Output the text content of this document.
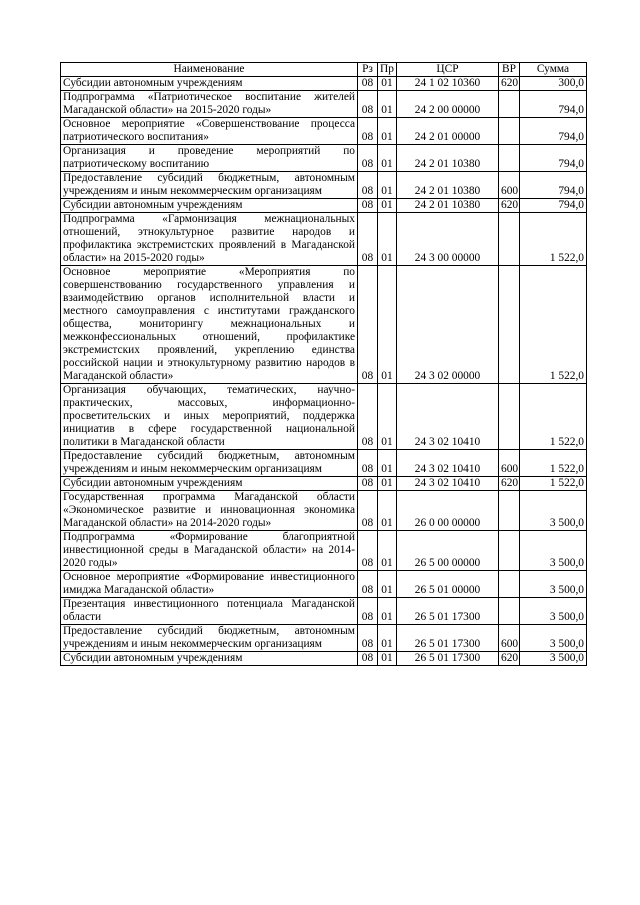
Наименование	Рз	Пр	ЦСР	ВР	Сумма
Субсидии автономным учреждениям	08	01	24 1 02 10360	620	300,0
Подпрограмма «Патриотическое воспитание жителей Магаданской области» на 2015-2020 годы»	08	01	24 2 00 00000		794,0
Основное мероприятие «Совершенствование процесса патриотического воспитания»	08	01	24 2 01 00000		794,0
Организация и проведение мероприятий по патриотическому воспитанию	08	01	24 2 01 10380		794,0
Предоставление субсидий бюджетным, автономным учреждениям и иным некоммерческим организациям	08	01	24 2 01 10380	600	794,0
Субсидии автономным учреждениям	08	01	24 2 01 10380	620	794,0
Подпрограмма «Гармонизация межнациональных отношений, этнокультурное развитие народов и профилактика экстремистских проявлений в Магаданской области» на 2015-2020 годы»	08	01	24 3 00 00000		1 522,0
Основное мероприятие «Мероприятия по совершенствованию государственного управления и взаимодействию органов исполнительной власти и местного самоуправления с институтами гражданского общества, мониторингу межнациональных и межконфессиональных отношений, профилактике экстремистских проявлений, укреплению единства российской нации и этнокультурному развитию народов в Магаданской области»	08	01	24 3 02 00000		1 522,0
Организация обучающих, тематических, научно-практических, массовых, информационно-просветительских и иных мероприятий, поддержка инициатив в сфере государственной национальной политики в Магаданской области	08	01	24 3 02 10410		1 522,0
Предоставление субсидий бюджетным, автономным учреждениям и иным некоммерческим организациям	08	01	24 3 02 10410	600	1 522,0
Субсидии автономным учреждениям	08	01	24 3 02 10410	620	1 522,0
Государственная программа Магаданской области «Экономическое развитие и инновационная экономика Магаданской области» на 2014-2020 годы»	08	01	26 0 00 00000		3 500,0
Подпрограмма «Формирование благоприятной инвестиционной среды в Магаданской области» на 2014-2020 годы»	08	01	26 5 00 00000		3 500,0
Основное мероприятие «Формирование инвестиционного имиджа Магаданской области»	08	01	26 5 01 00000		3 500,0
Презентация инвестиционного потенциала Магаданской области	08	01	26 5 01 17300		3 500,0
Предоставление субсидий бюджетным, автономным учреждениям и иным некоммерческим организациям	08	01	26 5 01 17300	600	3 500,0
Субсидии автономным учреждениям	08	01	26 5 01 17300	620	3 500,0
